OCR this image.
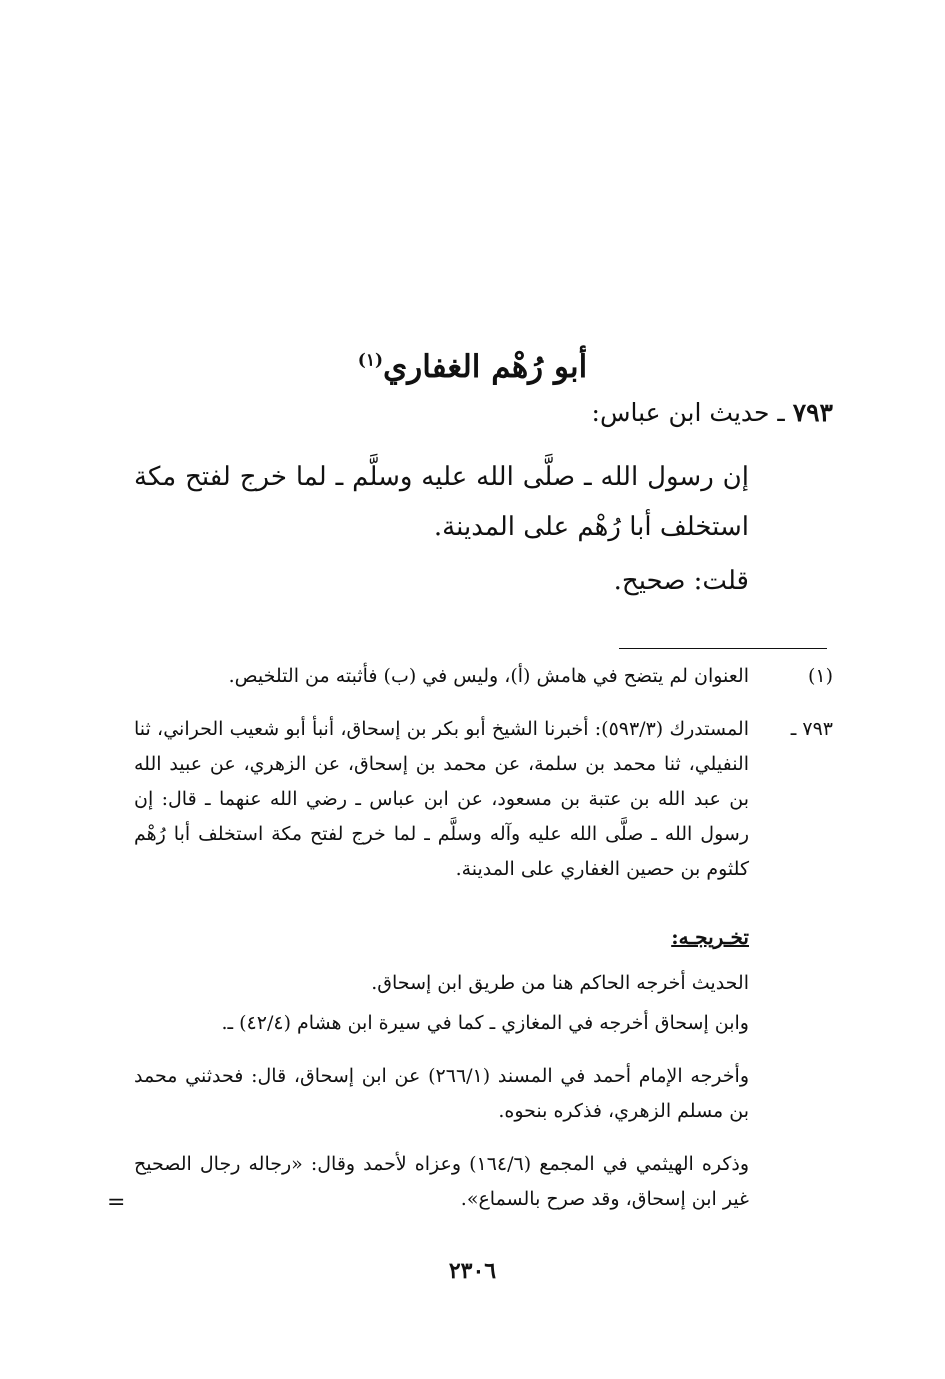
أبو رُهْم الغفاري$^{(١)}$
٧٩٣ ـ حديث ابن عباس:
إن رسول الله ـ صلَّى الله عليه وسلَّم ـ لما خرج لفتح مكة استخلف أبا رُهْم على المدينة.
قلت: صحيح.
(١)
العنوان لم يتضح في هامش (أ)، وليس في (ب) فأثبته من التلخيص.
٧٩٣ ـ
المستدرك (٥٩٣/٣): أخبرنا الشيخ أبو بكر بن إسحاق، أنبأ أبو شعيب الحراني، ثنا النفيلي، ثنا محمد بن سلمة، عن محمد بن إسحاق، عن الزهري، عن عبيد الله بن عبد الله بن عتبة بن مسعود، عن ابن عباس ـ رضي الله عنهما ـ قال: إن رسول الله ـ صلَّى الله عليه وآله وسلَّم ـ لما خرج لفتح مكة استخلف أبا رُهْم كلثوم بن حصين الغفاري على المدينة.
تخـريجـه:
الحديث أخرجه الحاكم هنا من طريق ابن إسحاق.
وابن إسحاق أخرجه في المغازي ـ كما في سيرة ابن هشام (٤٢/٤) ـ.
وأخرجه الإمام أحمد في المسند (٢٦٦/١) عن ابن إسحاق، قال: فحدثني محمد بن مسلم الزهري، فذكره بنحوه.
وذكره الهيثمي في المجمع (١٦٤/٦) وعزاه لأحمد وقال: «رجاله رجال الصحيح غير ابن إسحاق، وقد صرح بالسماع».
=
٢٣٠٦
